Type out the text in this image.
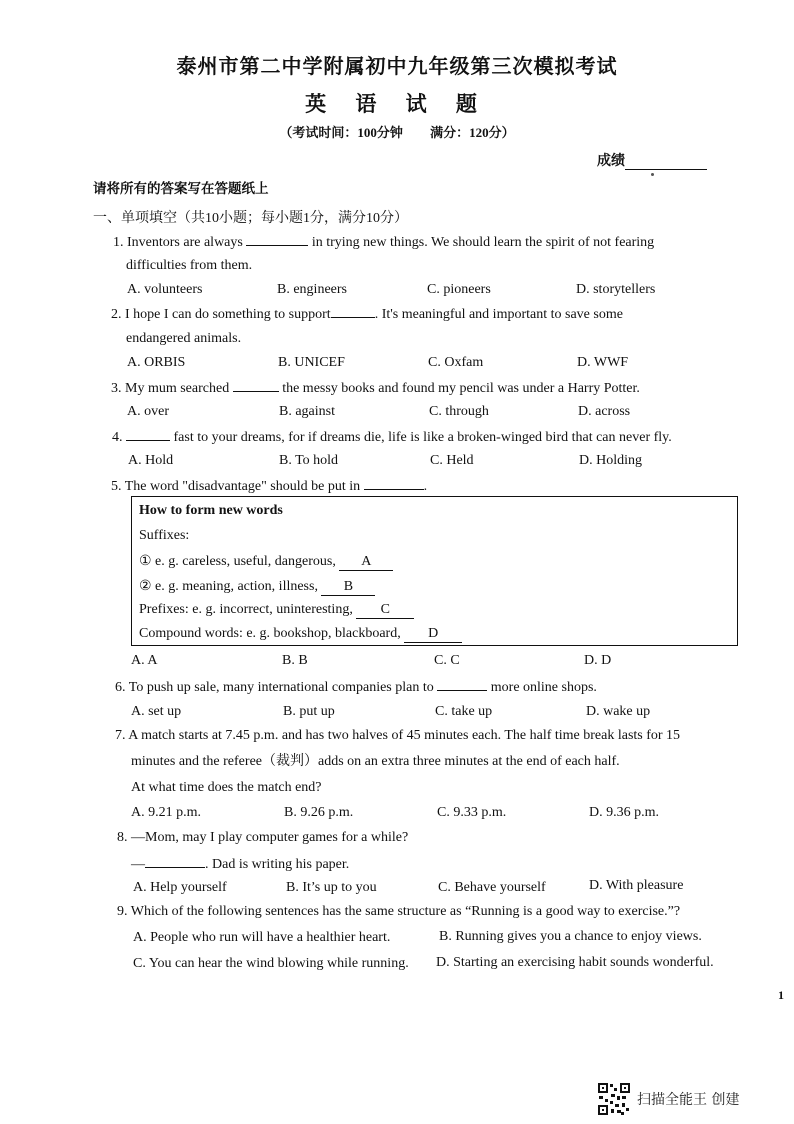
泰州市第二中学附属初中九年级第三次模拟考试
英 语 试 题
（考试时间：100分钟 满分：120分）
成绩
请将所有的答案写在答题纸上
一、单项填空（共10小题；每小题1分，满分10分）
1. Inventors are always	in trying new things. We should learn the spirit of not fearing
difficulties from them.
A. volunteers	B. engineers	C. pioneers	D. storytellers
2. I hope I can do something to support	. It's meaningful and important to save some
endangered animals.
A. ORBIS	B. UNICEF	C. Oxfam	D. WWF
3. My mum searched	the messy books and found my pencil was under a Harry Potter.
A. over	B. against	C. through	D. across
4.	fast to your dreams, for if dreams die, life is like a broken-winged bird that can never fly.
A. Hold	B. To hold	C. Held	D. Holding
5. The word "disadvantage" should be put in	.
How to form new words
Suffixes:
① e. g. careless, useful, dangerous, A
② e. g. meaning, action, illness, B
Prefixes: e. g. incorrect, uninteresting, C
Compound words: e. g. bookshop, blackboard, D
A. A	B. B	C. C	D. D
6. To push up sale, many international companies plan to	more online shops.
A. set up	B. put up	C. take up	D. wake up
7. A match starts at 7.45 p.m. and has two halves of 45 minutes each. The half time break lasts for 15
minutes and the referee（裁判）adds on an extra three minutes at the end of each half.
At what time does the match end?
A. 9.21 p.m.	B. 9.26 p.m.	C. 9.33 p.m.	D. 9.36 p.m.
8. —Mom, may I play computer games for a while?
—	. Dad is writing his paper.
A. Help yourself	B. It’s up to you	C. Behave yourself	D. With pleasure
9. Which of the following sentences has the same structure as “Running is a good way to exercise.”?
A. People who run will have a healthier heart.	B. Running gives you a chance to enjoy views.
C. You can hear the wind blowing while running. D. Starting an exercising habit sounds wonderful.
1
扫描全能王 创建
